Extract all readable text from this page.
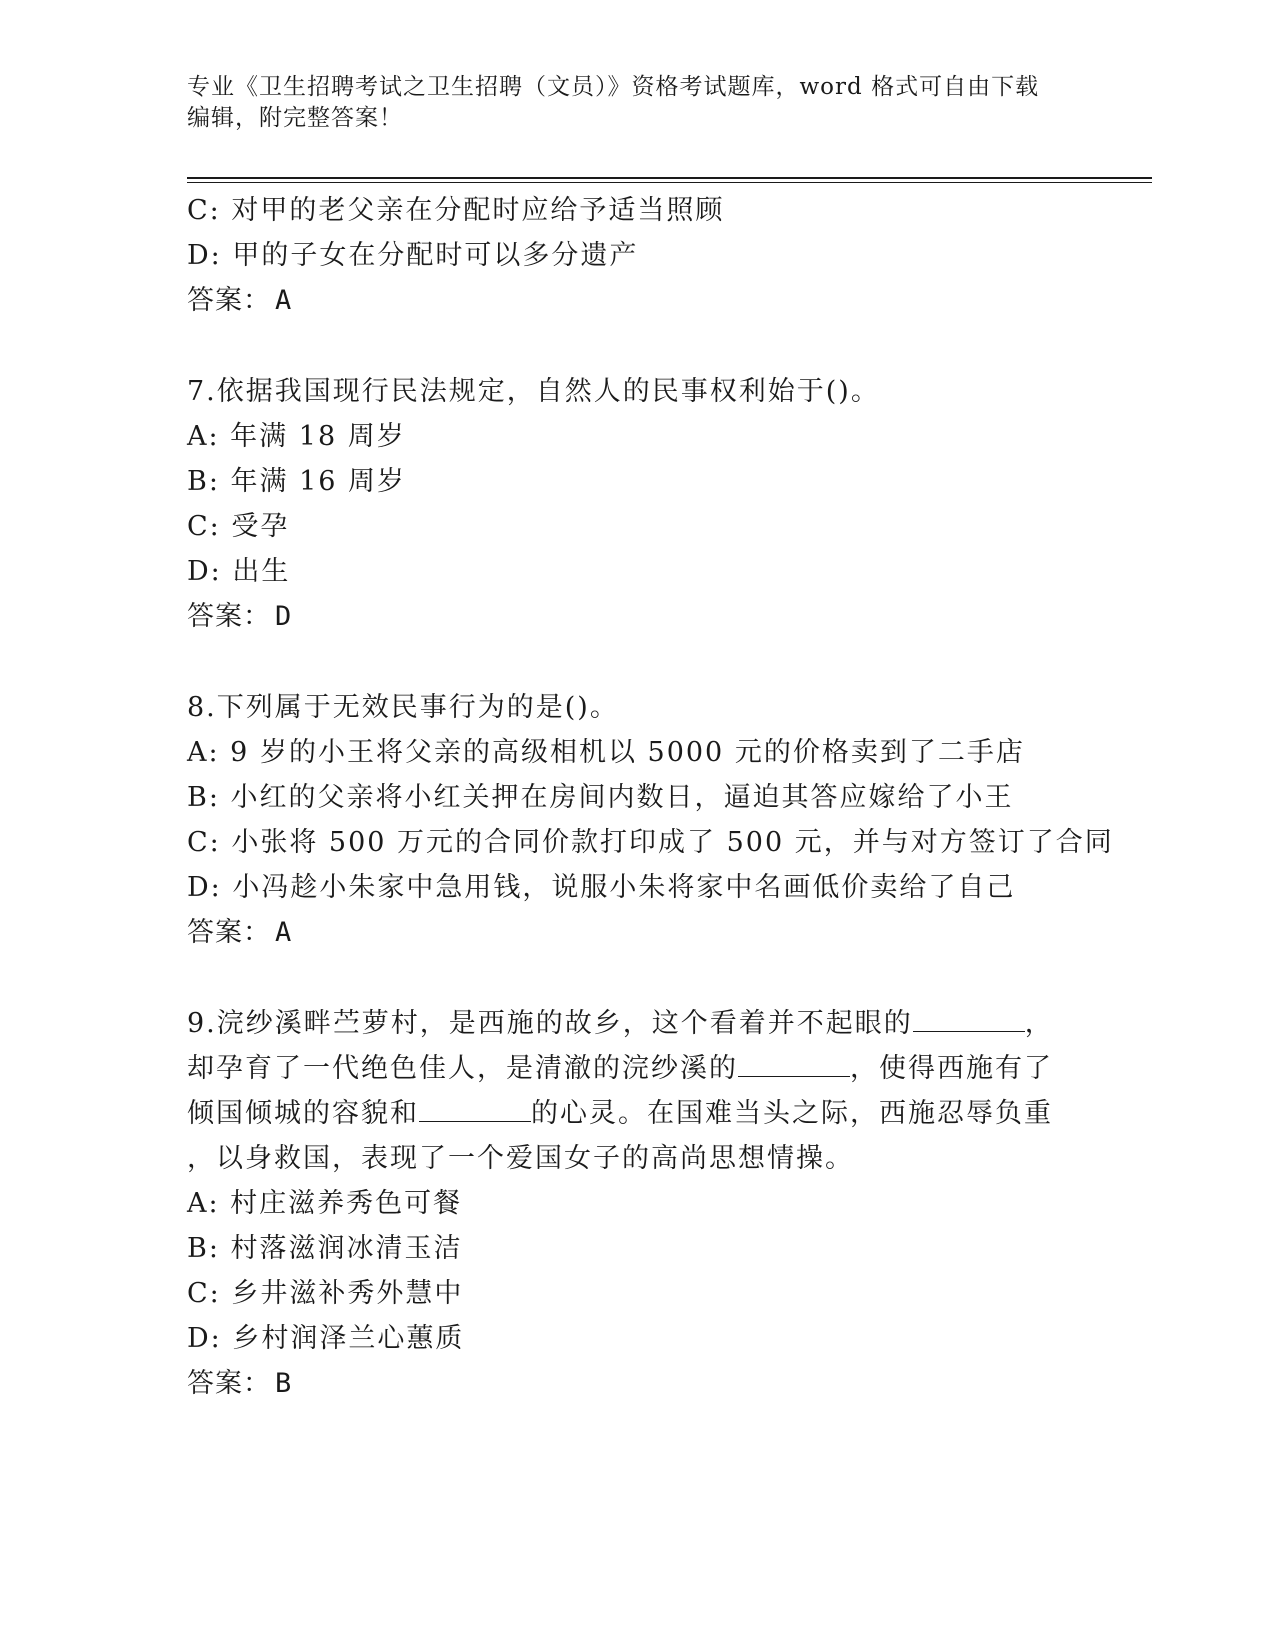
专业《卫生招聘考试之卫生招聘（文员）》资格考试题库，word 格式可自由下载
编辑，附完整答案！
C: 对甲的老父亲在分配时应给予适当照顾
D: 甲的子女在分配时可以多分遗产
答案： A
7.依据我国现行民法规定，自然人的民事权利始于()。
A: 年满 18 周岁
B: 年满 16 周岁
C: 受孕
D: 出生
答案： D
8.下列属于无效民事行为的是()。
A: 9 岁的小王将父亲的高级相机以 5000 元的价格卖到了二手店
B: 小红的父亲将小红关押在房间内数日，逼迫其答应嫁给了小王
C: 小张将 500 万元的合同价款打印成了 500 元，并与对方签订了合同
D: 小冯趁小朱家中急用钱，说服小朱将家中名画低价卖给了自己
答案： A
9.浣纱溪畔苎萝村，是西施的故乡，这个看着并不起眼的	，
却孕育了一代绝色佳人，是清澈的浣纱溪的	，使得西施有了
倾国倾城的容貌和	的心灵。在国难当头之际，西施忍辱负重
，以身救国，表现了一个爱国女子的高尚思想情操。
A: 村庄滋养秀色可餐
B: 村落滋润冰清玉洁
C: 乡井滋补秀外慧中
D: 乡村润泽兰心蕙质
答案： B
